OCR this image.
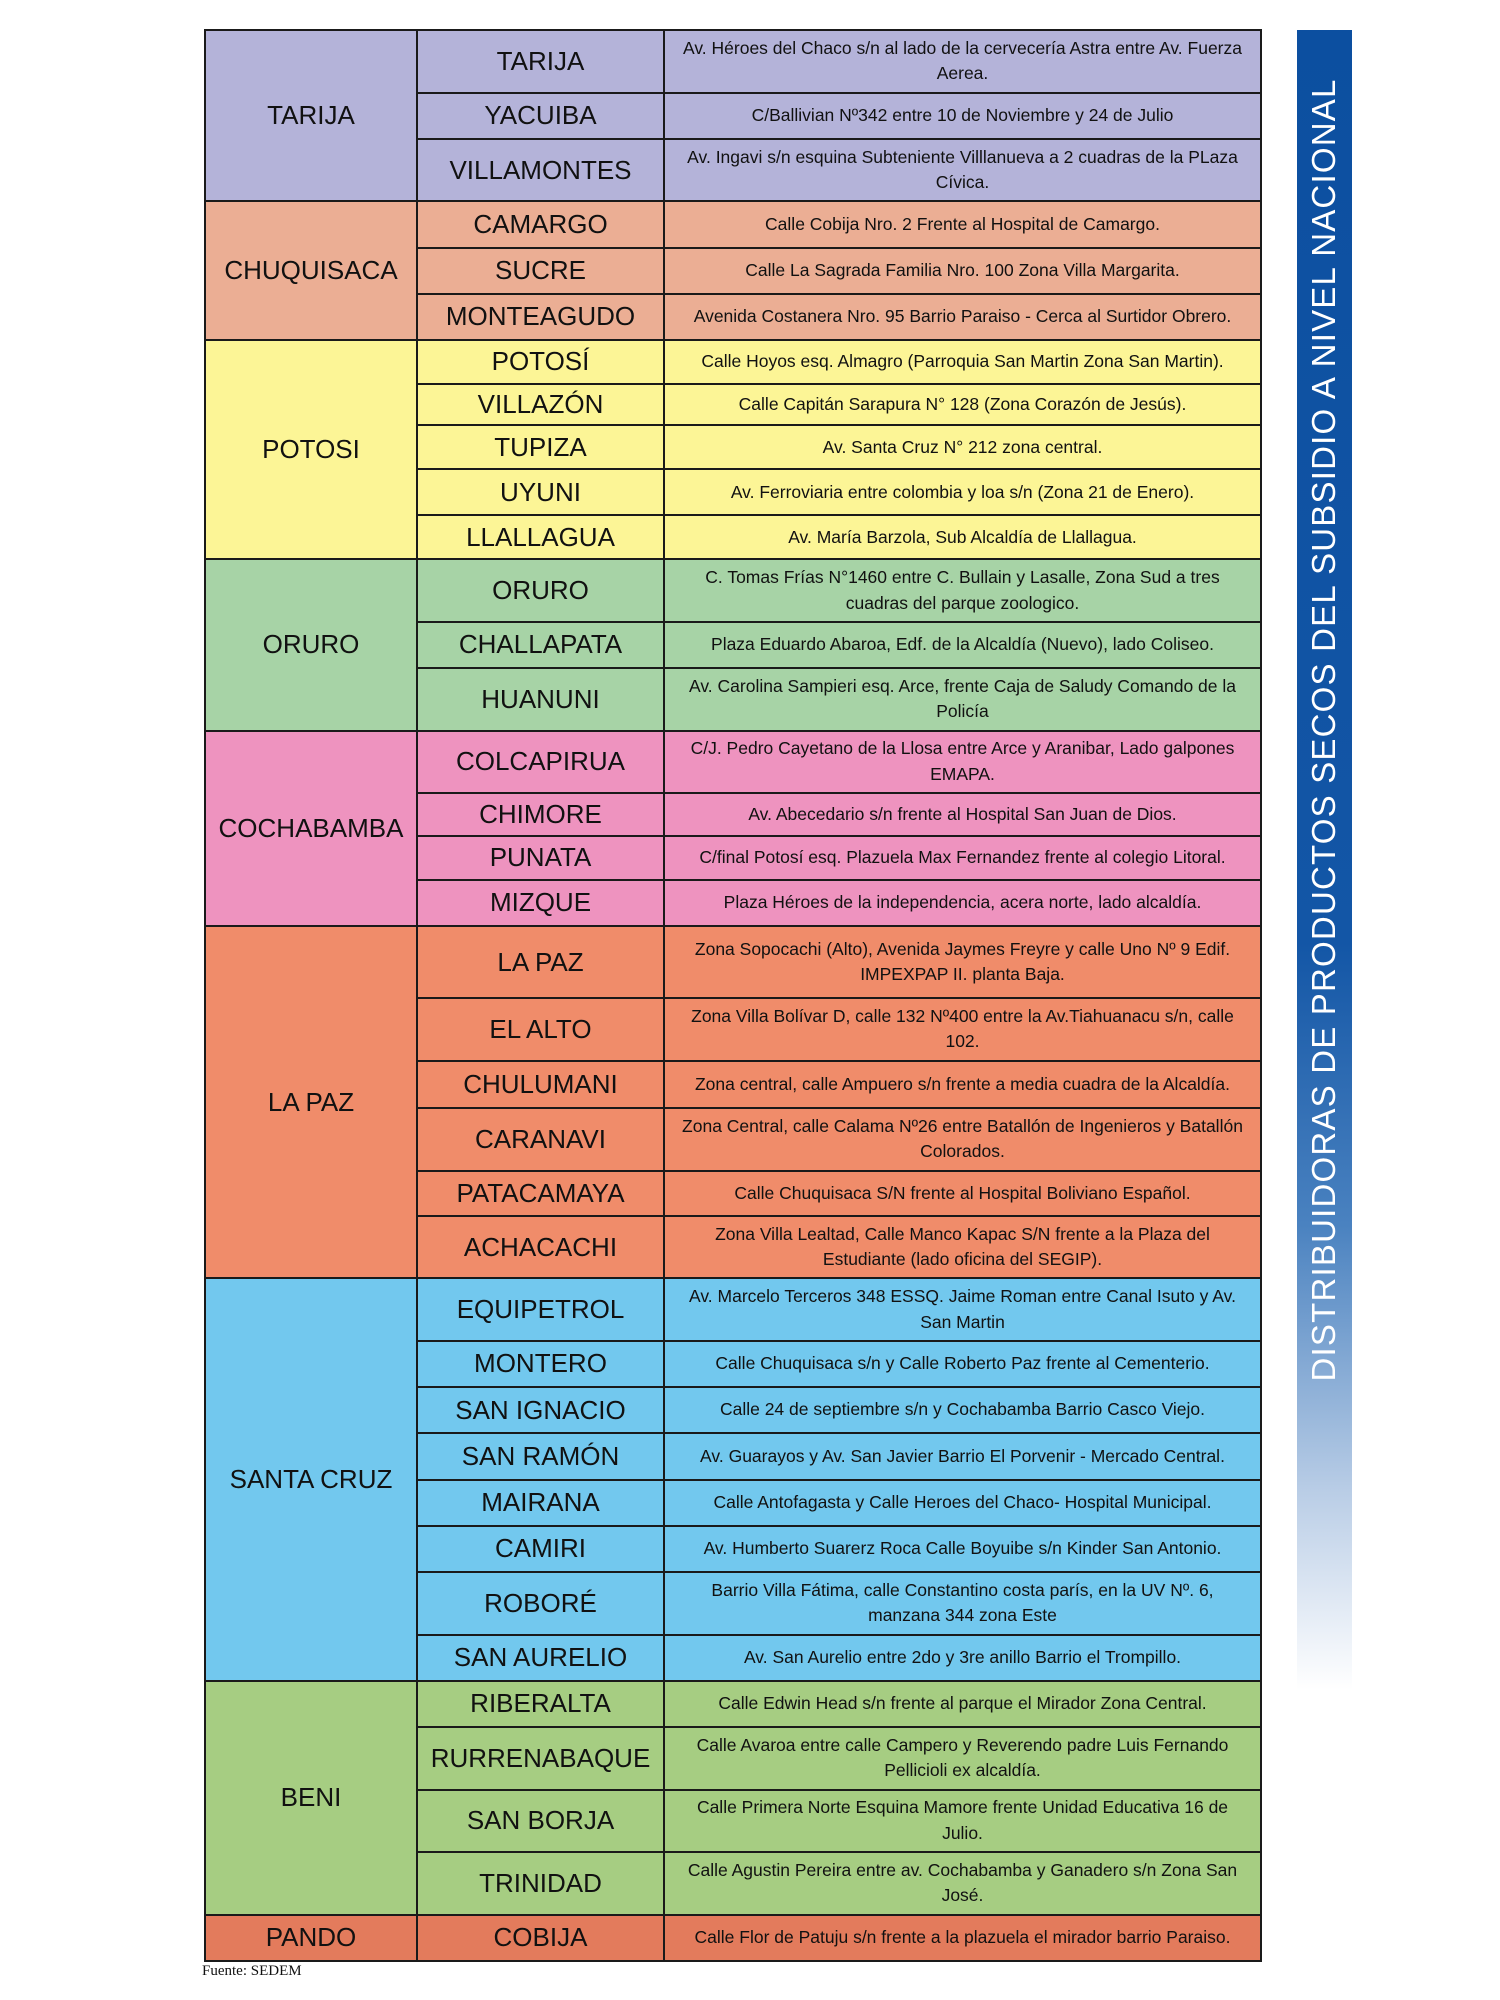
TARIJA	TARIJA	Av. Héroes del Chaco s/n al lado de la cervecería Astra entre Av. Fuerza Aerea.
	YACUIBA	C/Ballivian Nº342 entre 10 de Noviembre y 24 de Julio
	VILLAMONTES	Av. Ingavi s/n esquina Subteniente Villlanueva a 2 cuadras de la PLaza Cívica.
CHUQUISACA	CAMARGO	Calle Cobija Nro. 2 Frente al Hospital de Camargo.
	SUCRE	Calle La Sagrada Familia Nro. 100 Zona Villa Margarita.
	MONTEAGUDO	Avenida Costanera Nro. 95 Barrio Paraiso - Cerca al Surtidor Obrero.
POTOSI	POTOSÍ	Calle Hoyos esq. Almagro (Parroquia San Martin Zona San Martin).
	VILLAZÓN	Calle Capitán Sarapura N° 128 (Zona Corazón de Jesús).
	TUPIZA	Av. Santa Cruz N° 212 zona central.
	UYUNI	Av. Ferroviaria entre colombia y loa s/n (Zona 21 de Enero).
	LLALLAGUA	Av. María Barzola, Sub Alcaldía de Llallagua.
ORURO	ORURO	C. Tomas Frías N°1460 entre C. Bullain y Lasalle, Zona Sud a tres cuadras del parque zoologico.
	CHALLAPATA	Plaza Eduardo Abaroa, Edf. de la Alcaldía (Nuevo), lado Coliseo.
	HUANUNI	Av. Carolina Sampieri esq. Arce, frente Caja de Saludy Comando de la Policía
COCHABAMBA	COLCAPIRUA	C/J. Pedro Cayetano de la Llosa entre Arce y Aranibar, Lado galpones EMAPA.
	CHIMORE	Av. Abecedario s/n frente al Hospital San Juan de Dios.
	PUNATA	C/final Potosí esq. Plazuela Max Fernandez frente al colegio Litoral.
	MIZQUE	Plaza Héroes de la independencia, acera norte, lado alcaldía.
LA PAZ	LA PAZ	Zona Sopocachi (Alto), Avenida Jaymes Freyre y calle Uno Nº 9 Edif. IMPEXPAP II. planta Baja.
	EL ALTO	Zona Villa Bolívar D, calle 132 Nº400 entre la Av.Tiahuanacu s/n, calle 102.
	CHULUMANI	Zona central, calle Ampuero s/n frente a media cuadra de la Alcaldía.
	CARANAVI	Zona Central, calle Calama Nº26 entre Batallón de Ingenieros y Batallón Colorados.
	PATACAMAYA	Calle Chuquisaca S/N frente al Hospital Boliviano Español.
	ACHACACHI	Zona Villa Lealtad, Calle Manco Kapac S/N frente a la Plaza del Estudiante (lado oficina del SEGIP).
SANTA CRUZ	EQUIPETROL	Av. Marcelo Terceros 348 ESSQ. Jaime Roman entre Canal Isuto y Av. San Martin
	MONTERO	Calle Chuquisaca s/n y Calle Roberto Paz frente al Cementerio.
	SAN IGNACIO	Calle 24 de septiembre s/n y Cochabamba Barrio Casco Viejo.
	SAN RAMÓN	Av. Guarayos y Av. San Javier Barrio El Porvenir - Mercado Central.
	MAIRANA	Calle Antofagasta y Calle Heroes del Chaco- Hospital Municipal.
	CAMIRI	Av. Humberto Suarerz Roca Calle Boyuibe s/n Kinder San Antonio.
	ROBORÉ	Barrio Villa Fátima, calle Constantino costa parís, en la UV Nº. 6, manzana 344 zona Este
	SAN AURELIO	Av. San Aurelio entre 2do y 3re anillo Barrio el Trompillo.
BENI	RIBERALTA	Calle Edwin Head s/n frente al parque el Mirador Zona Central.
	RURRENABAQUE	Calle Avaroa entre calle Campero y Reverendo padre Luis Fernando Pellicioli ex alcaldía.
	SAN BORJA	Calle Primera Norte Esquina Mamore frente Unidad Educativa 16 de Julio.
	TRINIDAD	Calle Agustin Pereira entre av. Cochabamba y Ganadero s/n Zona San José.
PANDO	COBIJA	Calle Flor de Patuju s/n frente a la plazuela el mirador barrio Paraiso.
Fuente: SEDEM
DISTRIBUIDORAS DE PRODUCTOS SECOS DEL SUBSIDIO A NIVEL NACIONAL
